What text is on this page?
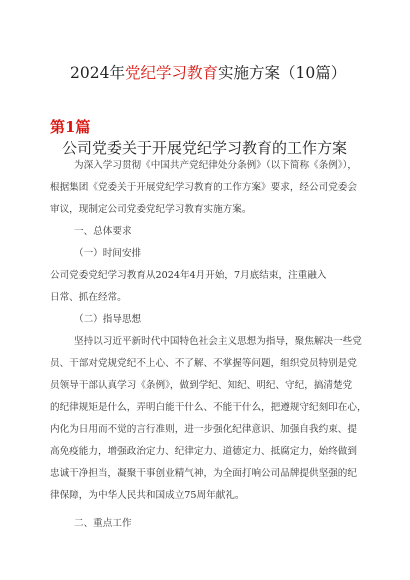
2024年党纪学习教育实施方案（10篇）
第1篇
公司党委关于开展党纪学习教育的工作方案
为深入学习贯彻《中国共产党纪律处分条例》（以下简称《条例》），
根据集团《党委关于开展党纪学习教育的工作方案》要求，经公司党委会
审议，现制定公司党委党纪学习教育实施方案。
一、总体要求
（一）时间安排
公司党委党纪学习教育从2024年4月开始，7月底结束，注重融入
日常、抓在经常。
（二）指导思想
坚持以习近平新时代中国特色社会主义思想为指导，聚焦解决一些党
员、干部对党规党纪不上心、不了解、不掌握等问题，组织党员特别是党
员领导干部认真学习《条例》，做到学纪、知纪、明纪、守纪，搞清楚党
的纪律规矩是什么，弄明白能干什么、不能干什么，把遵规守纪刻印在心，
内化为日用而不觉的言行准则，进一步强化纪律意识、加强自我约束、提
高免疫能力，增强政治定力、纪律定力、道德定力、抵腐定力，始终做到
忠诚干净担当，凝聚干事创业精气神，为全面打响公司品牌提供坚强的纪
律保障，为中华人民共和国成立75周年献礼。
二、重点工作
